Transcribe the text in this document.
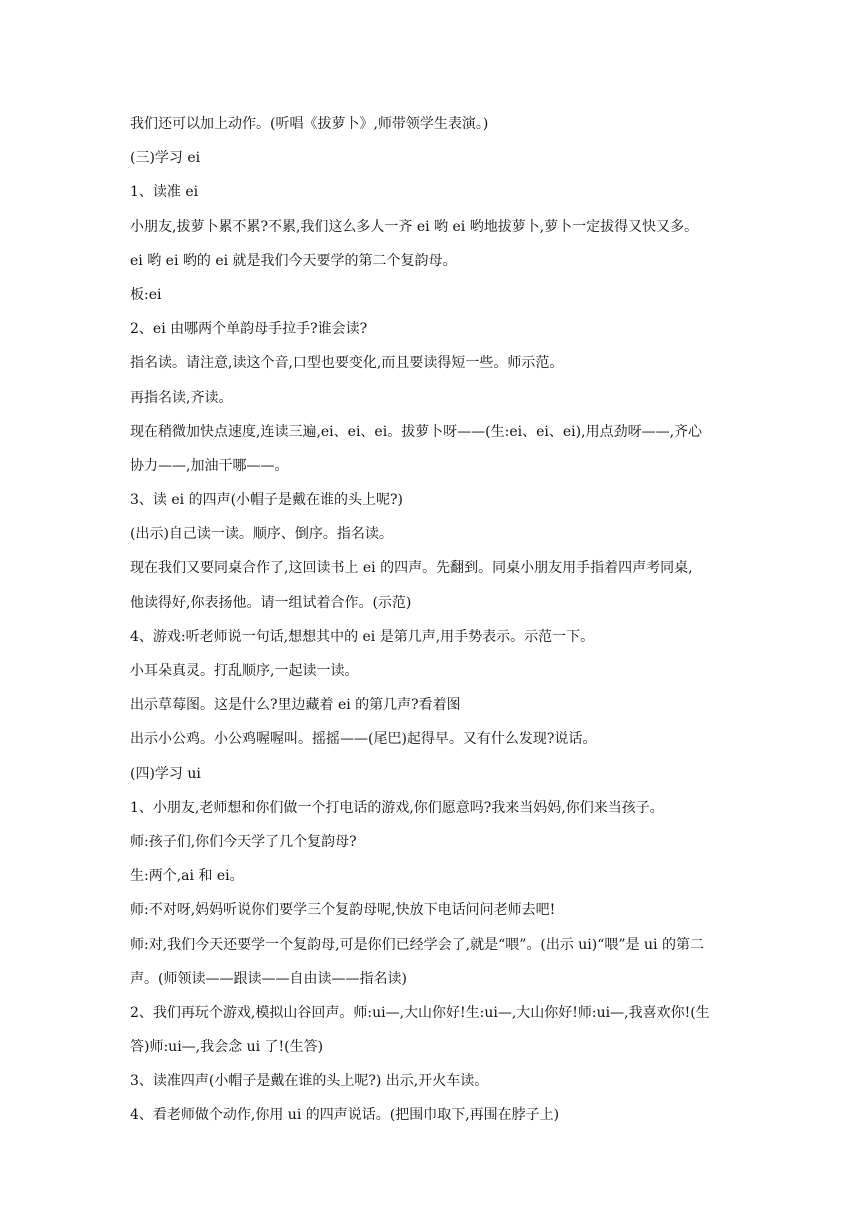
我们还可以加上动作。(听唱《拔萝卜》,师带领学生表演。)
(三)学习 ei
1、读准 ei
小朋友,拔萝卜累不累?不累,我们这么多人一齐 ei 哟 ei 哟地拔萝卜,萝卜一定拔得又快又多。
ei 哟 ei 哟的 ei 就是我们今天要学的第二个复韵母。
板:ei
2、ei 由哪两个单韵母手拉手?谁会读?
指名读。请注意,读这个音,口型也要变化,而且要读得短一些。师示范。
再指名读,齐读。
现在稍微加快点速度,连读三遍,ei、ei、ei。拔萝卜呀——(生:ei、ei、ei),用点劲呀——,齐心
协力——,加油干哪——。
3、读 ei 的四声(小帽子是戴在谁的头上呢?)
(出示)自己读一读。顺序、倒序。指名读。
现在我们又要同桌合作了,这回读书上 ei 的四声。先翻到。同桌小朋友用手指着四声考同桌,
他读得好,你表扬他。请一组试着合作。(示范)
4、游戏:听老师说一句话,想想其中的 ei 是第几声,用手势表示。示范一下。
小耳朵真灵。打乱顺序,一起读一读。
出示草莓图。这是什么?里边藏着 ei 的第几声?看着图
出示小公鸡。小公鸡喔喔叫。摇摇——(尾巴)起得早。又有什么发现?说话。
(四)学习 ui
1、小朋友,老师想和你们做一个打电话的游戏,你们愿意吗?我来当妈妈,你们来当孩子。
师:孩子们,你们今天学了几个复韵母?
生:两个,ai 和 ei。
师:不对呀,妈妈听说你们要学三个复韵母呢,快放下电话问问老师去吧!
师:对,我们今天还要学一个复韵母,可是你们已经学会了,就是“喂”。(出示 ui)“喂”是 ui 的第二
声。(师领读——跟读——自由读——指名读)
2、我们再玩个游戏,模拟山谷回声。师:ui—,大山你好!生:ui—,大山你好!师:ui—,我喜欢你!(生
答)师:ui—,我会念 ui 了!(生答)
3、读准四声(小帽子是戴在谁的头上呢?) 出示,开火车读。
4、看老师做个动作,你用 ui 的四声说话。(把围巾取下,再围在脖子上)
